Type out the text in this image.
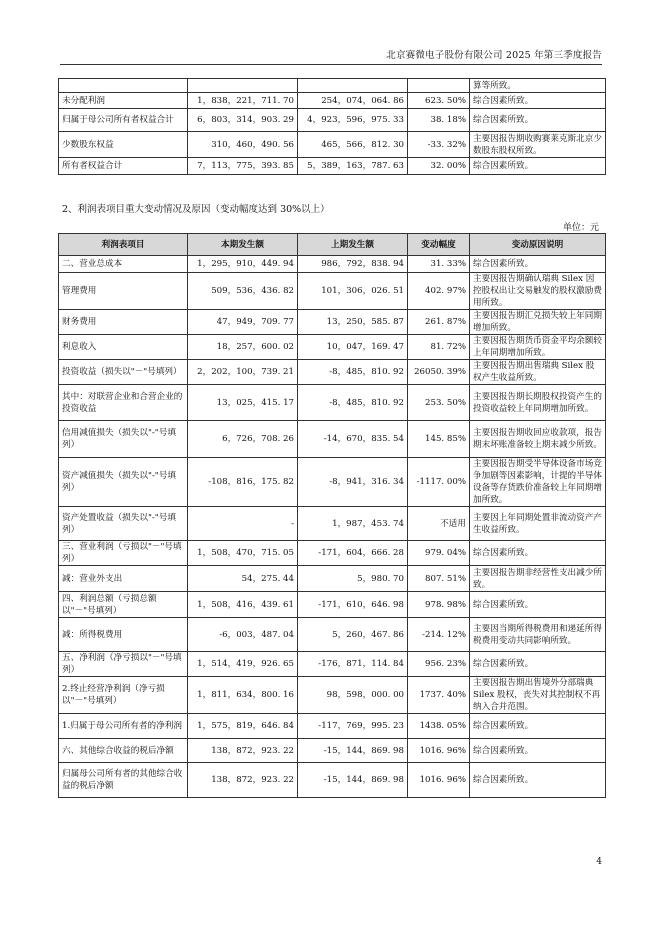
北京赛微电子股份有限公司 2025 年第三季度报告
				算等所致。
未分配利润	1，838，221，711. 70	254，074，064. 86	623. 50%	综合因素所致。
归属于母公司所有者权益合计	6，803，314，903. 29	4，923，596，975. 33	38. 18%	综合因素所致。
少数股东权益	310，460，490. 56	465，566，812. 30	-33. 32%	主要因报告期收购赛莱克斯北京少数股东股权所致。
所有者权益合计	7，113，775，393. 85	5，389，163，787. 63	32. 00%	综合因素所致。
2、利润表项目重大变动情况及原因（变动幅度达到 30%以上）
单位：元
利润表项目	本期发生额	上期发生额	变动幅度	变动原因说明
二、营业总成本	1，295，910，449. 94	986，792，838. 94	31. 33%	综合因素所致。
管理费用	509，536，436. 82	101，306，026. 51	402. 97%	主要因报告期确认瑞典 Silex 因控股权出让交易触发的股权激励费用所致。
财务费用	47，949，709. 77	13，250，585. 87	261. 87%	主要因报告期汇兑损失较上年同期增加所致。
利息收入	18，257，600. 02	10，047，169. 47	81. 72%	主要因报告期货币资金平均余额较上年同期增加所致。
投资收益（损失以"－"号填列）	2，202，100，739. 21	-8，485，810. 92	26050. 39%	主要因报告期出售瑞典 Silex 股权产生收益所致。
其中：对联营企业和合营企业的投资收益	13，025，415. 17	-8，485，810. 92	253. 50%	主要因报告期长期股权投资产生的投资收益较上年同期增加所致。
信用减值损失（损失以"-"号填列）	6，726，708. 26	-14，670，835. 54	145. 85%	主要因报告期收回应收款项，报告期末坏账准备较上期末减少所致。
资产减值损失（损失以"-"号填列）	-108，816，175. 82	-8，941，316. 34	-1117. 00%	主要因报告期受半导体设备市场竞争加剧等因素影响，计提的半导体设备等存货跌价准备较上年同期增加所致。
资产处置收益（损失以"-"号填列）	-	1，987，453. 74	不适用	主要因上年同期处置非流动资产产生收益所致。
三、营业利润（亏损以"－"号填列）	1，508，470，715. 05	-171，604，666. 28	979. 04%	综合因素所致。
减：营业外支出	54，275. 44	5，980. 70	807. 51%	主要因报告期非经营性支出减少所致。
四、利润总额（亏损总额以"－"号填列）	1，508，416，439. 61	-171，610，646. 98	978. 98%	综合因素所致。
减：所得税费用	-6，003，487. 04	5，260，467. 86	-214. 12%	主要因当期所得税费用和递延所得税费用变动共同影响所致。
五、净利润（净亏损以"－"号填列）	1，514，419，926. 65	-176，871，114. 84	956. 23%	综合因素所致。
2.终止经营净利润（净亏损以"－"号填列）	1，811，634，800. 16	98，598，000. 00	1737. 40%	主要因报告期出售境外分部瑞典 Silex 股权，丧失对其控制权不再纳入合并范围。
1.归属于母公司所有者的净利润	1，575，819，646. 84	-117，769，995. 23	1438. 05%	综合因素所致。
六、其他综合收益的税后净额	138，872，923. 22	-15，144，869. 98	1016. 96%	综合因素所致。
归属母公司所有者的其他综合收益的税后净额	138，872，923. 22	-15，144，869. 98	1016. 96%	综合因素所致。
4
